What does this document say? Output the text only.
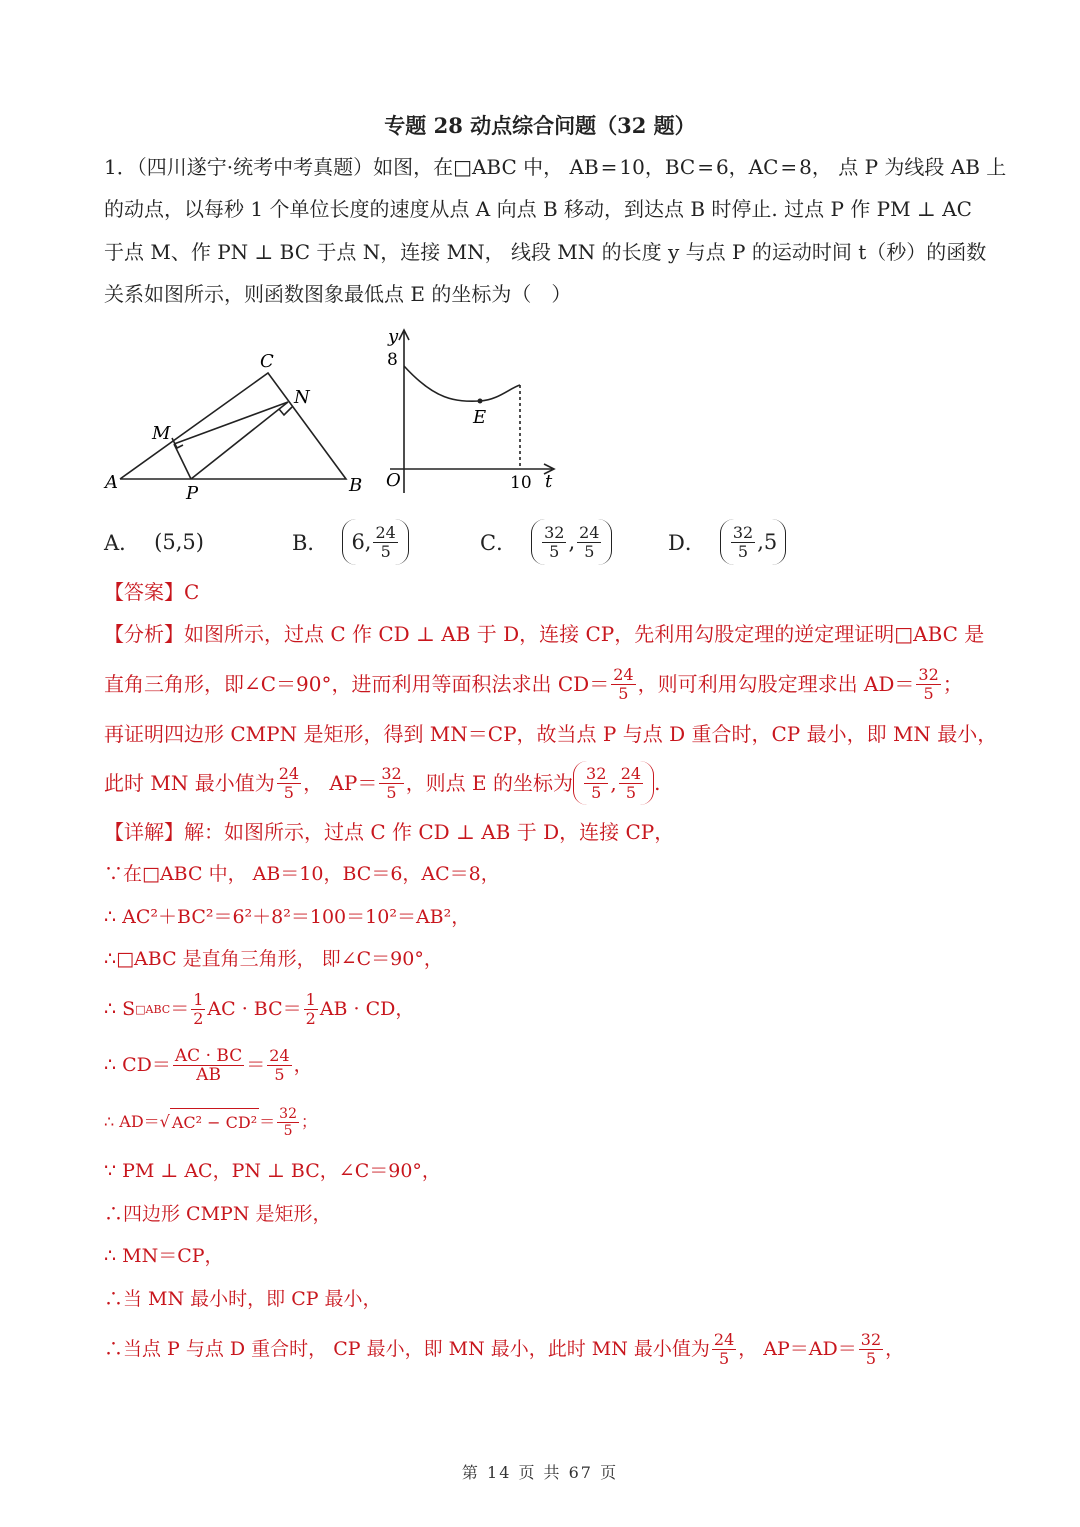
专题 28 动点综合问题（32 题）
1．（四川遂宁·统考中考真题）如图，在□ABC 中， AB = 10，BC = 6，AC = 8， 点 P 为线段 AB 上
的动点，以每秒 1 个单位长度的速度从点 A 向点 B 移动，到达点 B 时停止. 过点 P 作 PM ⊥ AC
于点 M、作 PN ⊥ BC 于点 N，连接 MN， 线段 MN 的长度 y 与点 P 的运动时间 t（秒）的函数
关系如图所示，则函数图象最低点 E 的坐标为（　）
A	B
C
M
N
P
y
8
O	10 t
E
A． (5,5)	B． 6, $\frac{24}{5}$	C． $\frac{32}{5}$ , $\frac{24}{5}$	D． $\frac{32}{5} ,5$
【答案】C
【分析】如图所示，过点 C 作 CD ⊥ AB 于 D，连接 CP，先利用勾股定理的逆定理证明□ABC 是
直角三角形，即∠C＝90°，进而利用等面积法求出 $CD= \frac{24}{5}$ ，则可利用勾股定理求出 $AD= \frac{32}{5}$ ；
再证明四边形 CMPN 是矩形，得到 MN＝CP，故当点 P 与点 D 重合时，CP 最小，即 MN 最小，
此时 MN 最小值为 $\frac{24}{5}$ ， $AP= \frac{32}{5}$ ，则点 E 的坐标为 $\frac{32}{5}$ , $\frac{24}{5}$ .
【详解】解：如图所示，过点 C 作 CD ⊥ AB 于 D，连接 CP，
∵在□ABC 中， AB＝10，BC＝6，AC＝8，
∴ AC²＋BC²＝6²＋8²＝100＝10²＝AB²，
∴□ABC 是直角三角形， 即∠C＝90°，
∴ S □ABC ＝ $\frac{1}{2}$ AC · $BC= \frac{1}{2}$ AB · CD，
∴ $CD= \frac{AC \cdot BC}{AB} = \frac{24}{5}$ ，
∴ AD＝√ $AC^2 - CD^2 = \frac{32}{5}$ ；
∵ PM ⊥ AC，PN ⊥ BC，∠C＝90°，
∴四边形 CMPN 是矩形，
∴ MN＝CP，
∴当 MN 最小时，即 CP 最小，
∴当点 P 与点 D 重合时， CP 最小，即 MN 最小，此时 MN 最小值为 $\frac{24}{5}$ ， $AP=AD= \frac{32}{5}$ ，
第 14 页 共 67 页
